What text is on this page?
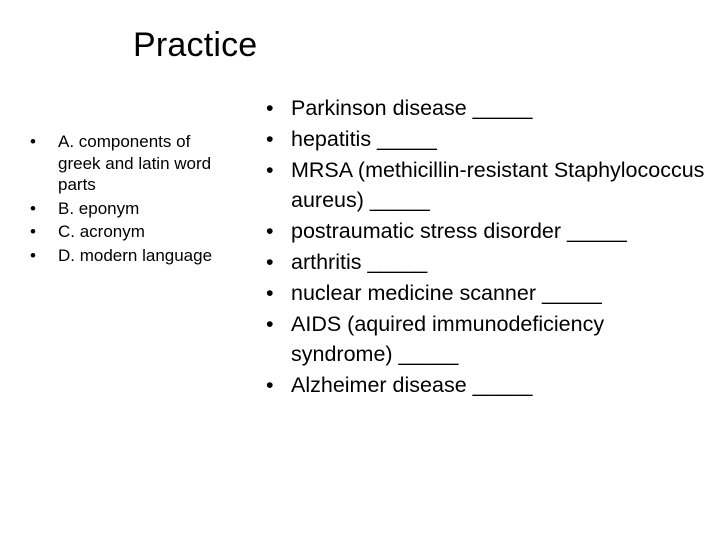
Practice
• A. components of greek and latin word parts
• B. eponym
• C. acronym
• D. modern language
• Parkinson disease _____
• hepatitis _____
• MRSA (methicillin-resistant Staphylococcus aureus) _____
• postraumatic stress disorder _____
• arthritis _____
• nuclear medicine scanner _____
• AIDS (aquired immunodeficiency syndrome) _____
• Alzheimer disease _____
